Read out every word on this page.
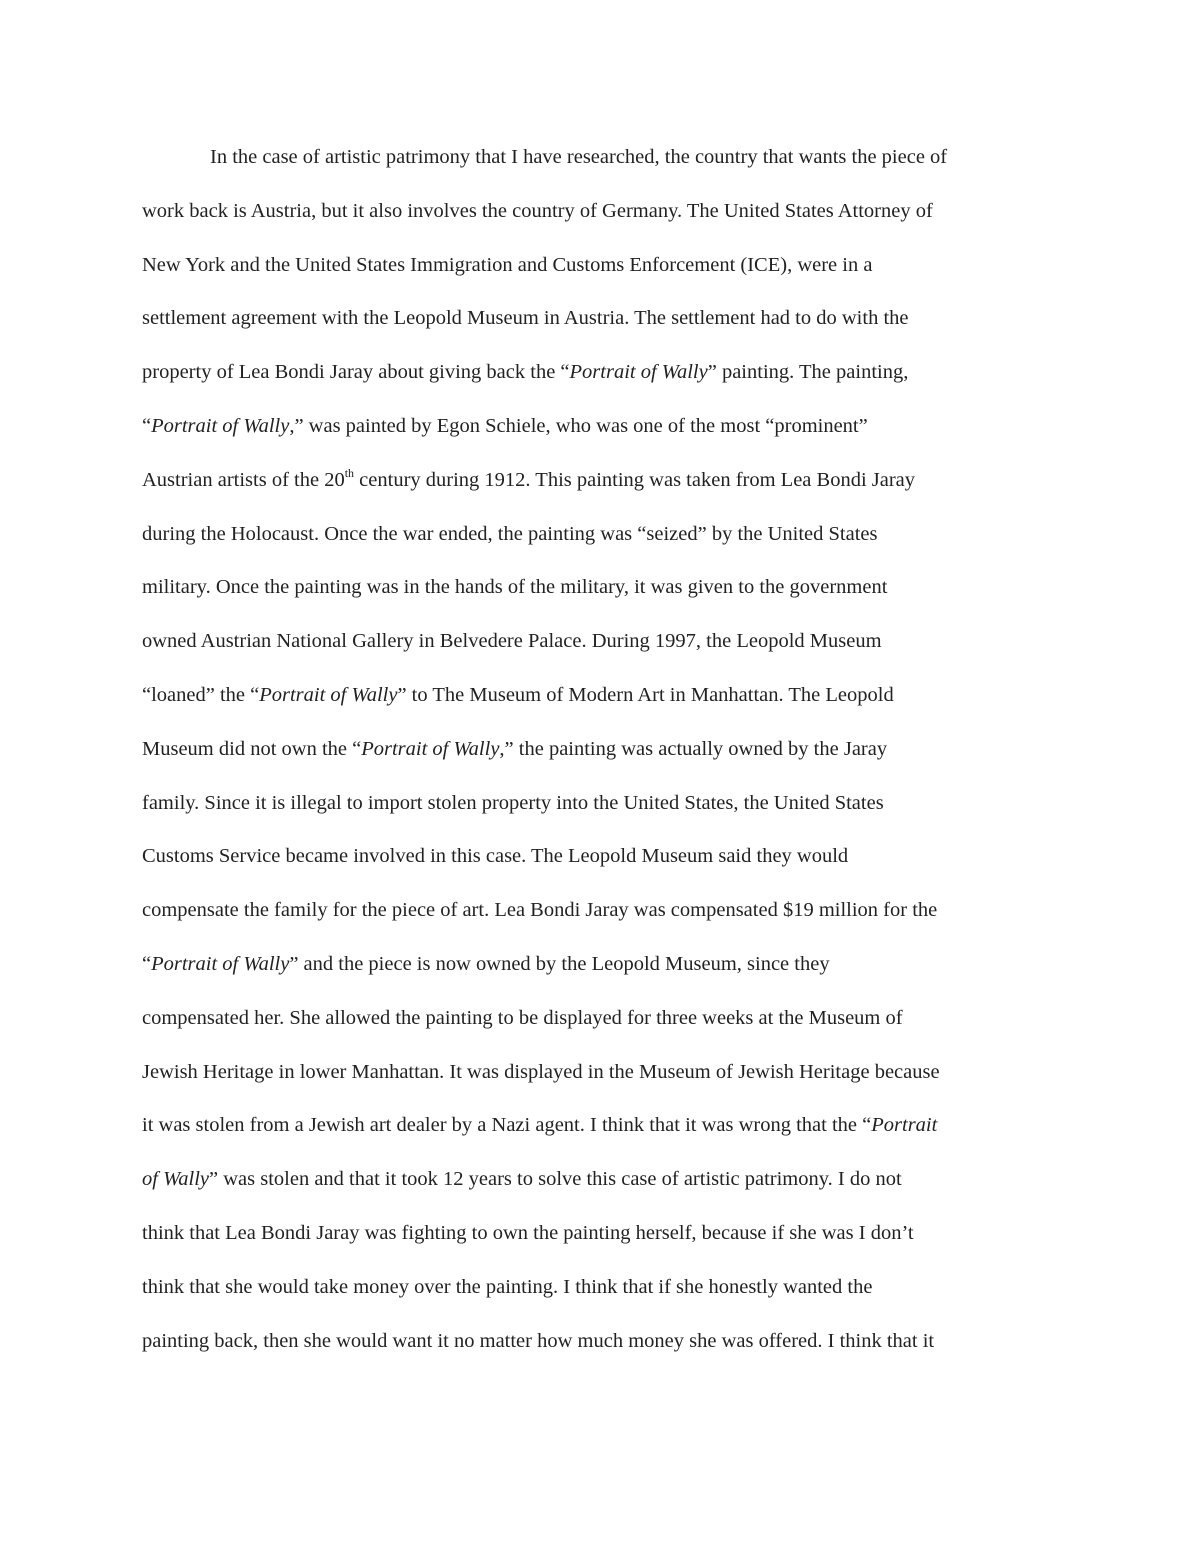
In the case of artistic patrimony that I have researched, the country that wants the piece of
work back is Austria, but it also involves the country of Germany. The United States Attorney of
New York and the United States Immigration and Customs Enforcement (ICE), were in a
settlement agreement with the Leopold Museum in Austria. The settlement had to do with the
property of Lea Bondi Jaray about giving back the “Portrait of Wally” painting. The painting,
“Portrait of Wally,” was painted by Egon Schiele, who was one of the most “prominent”
Austrian artists of the 20th century during 1912. This painting was taken from Lea Bondi Jaray
during the Holocaust. Once the war ended, the painting was “seized” by the United States
military. Once the painting was in the hands of the military, it was given to the government
owned Austrian National Gallery in Belvedere Palace. During 1997, the Leopold Museum
“loaned” the “Portrait of Wally” to The Museum of Modern Art in Manhattan. The Leopold
Museum did not own the “Portrait of Wally,” the painting was actually owned by the Jaray
family. Since it is illegal to import stolen property into the United States, the United States
Customs Service became involved in this case. The Leopold Museum said they would
compensate the family for the piece of art. Lea Bondi Jaray was compensated $19 million for the
“Portrait of Wally” and the piece is now owned by the Leopold Museum, since they
compensated her. She allowed the painting to be displayed for three weeks at the Museum of
Jewish Heritage in lower Manhattan. It was displayed in the Museum of Jewish Heritage because
it was stolen from a Jewish art dealer by a Nazi agent. I think that it was wrong that the “Portrait
of Wally” was stolen and that it took 12 years to solve this case of artistic patrimony. I do not
think that Lea Bondi Jaray was fighting to own the painting herself, because if she was I don’t
think that she would take money over the painting. I think that if she honestly wanted the
painting back, then she would want it no matter how much money she was offered. I think that it
